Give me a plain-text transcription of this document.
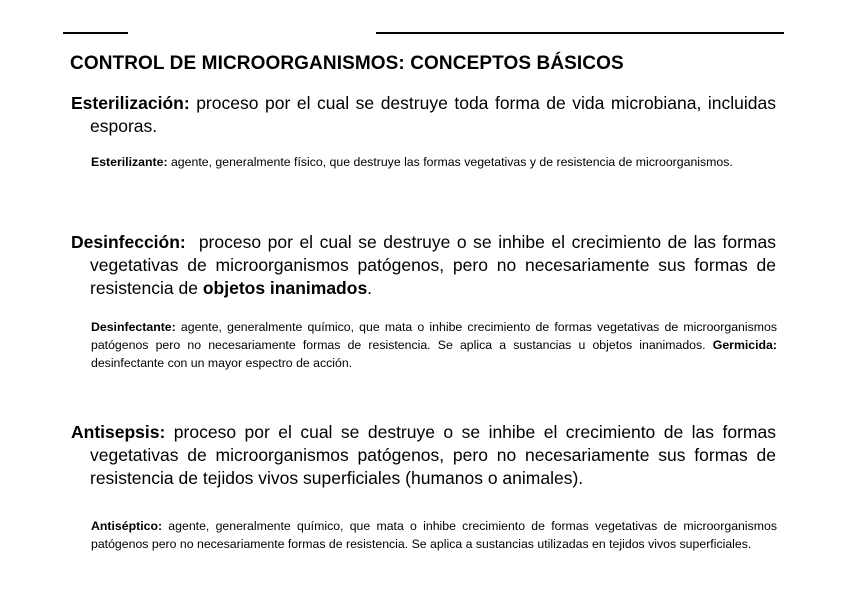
CONTROL DE MICROORGANISMOS: CONCEPTOS BÁSICOS

Esterilización: proceso por el cual se destruye toda forma de vida microbiana, incluidas esporas.

Esterilizante: agente, generalmente físico, que destruye las formas vegetativas y de resistencia de microorganismos.

Desinfección:  proceso por el cual se destruye o se inhibe el crecimiento de las formas vegetativas de microorganismos patógenos, pero no necesariamente sus formas de resistencia de objetos inanimados.

Desinfectante: agente, generalmente químico, que mata o inhibe crecimiento de formas vegetativas de microorganismos patógenos pero no necesariamente formas de resistencia. Se aplica a sustancias u objetos inanimados. Germicida: desinfectante con un mayor espectro de acción.

Antisepsis: proceso por el cual se destruye o se inhibe el crecimiento de las formas vegetativas de microorganismos patógenos, pero no necesariamente sus formas de resistencia de tejidos vivos superficiales (humanos o animales).

Antiséptico: agente, generalmente químico, que mata o inhibe crecimiento de formas vegetativas de microorganismos patógenos pero no necesariamente formas de resistencia. Se aplica a sustancias utilizadas en tejidos vivos superficiales.
